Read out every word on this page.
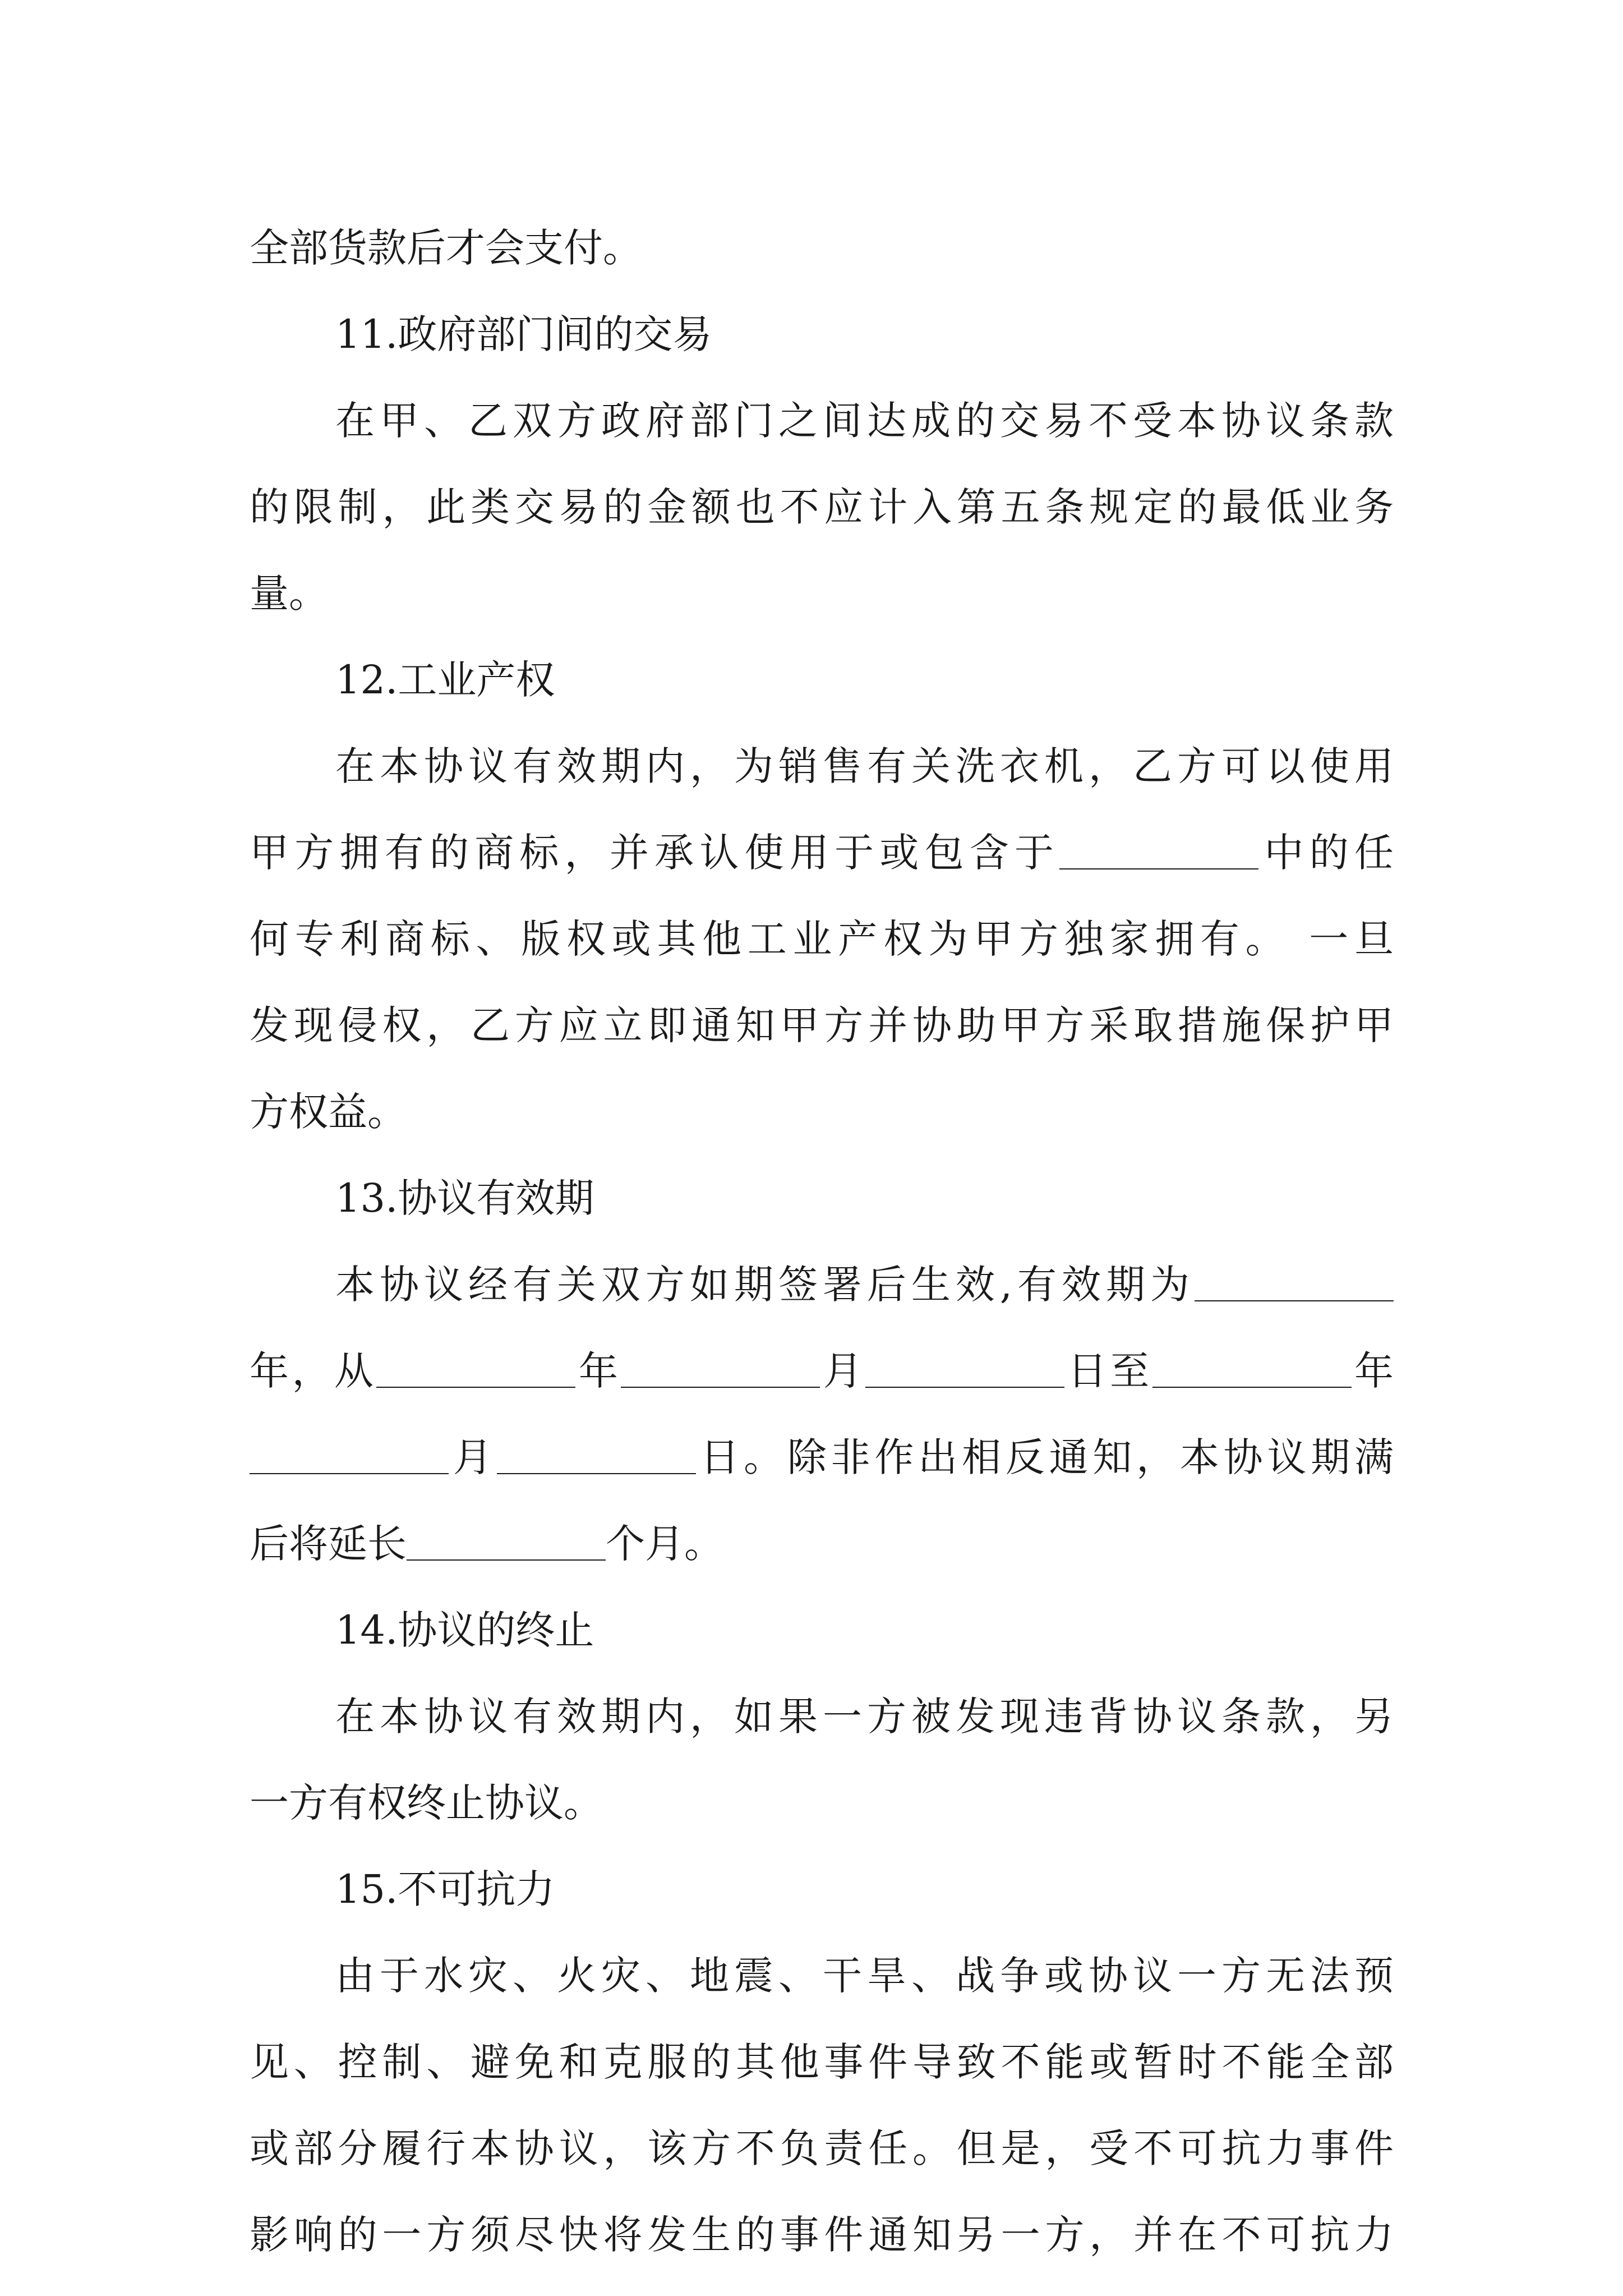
全部货款后才会支付。
11.政府部门间的交易
在甲、乙双方政府部门之间达成的交易不受本协议条款
的限制，此类交易的金额也不应计入第五条规定的最低业务
量。
12.工业产权
在本协议有效期内，为销售有关洗衣机，乙方可以使用
甲方拥有的商标，并承认使用于或包含于	中的任
何专利商标、版权或其他工业产权为甲方独家拥有。 一旦
发现侵权，乙方应立即通知甲方并协助甲方采取措施保护甲
方权益。
13.协议有效期
本协议经有关双方如期签署后生效,有效期为
年，从	年	月	日至	年
月	日。除非作出相反通知，本协议期满
后将延长	个月。
14.协议的终止
在本协议有效期内，如果一方被发现违背协议条款，另
一方有权终止协议。
15.不可抗力
由于水灾、火灾、地震、干旱、战争或协议一方无法预
见、控制、避免和克服的其他事件导致不能或暂时不能全部
或部分履行本协议，该方不负责任。但是，受不可抗力事件
影响的一方须尽快将发生的事件通知另一方，并在不可抗力
